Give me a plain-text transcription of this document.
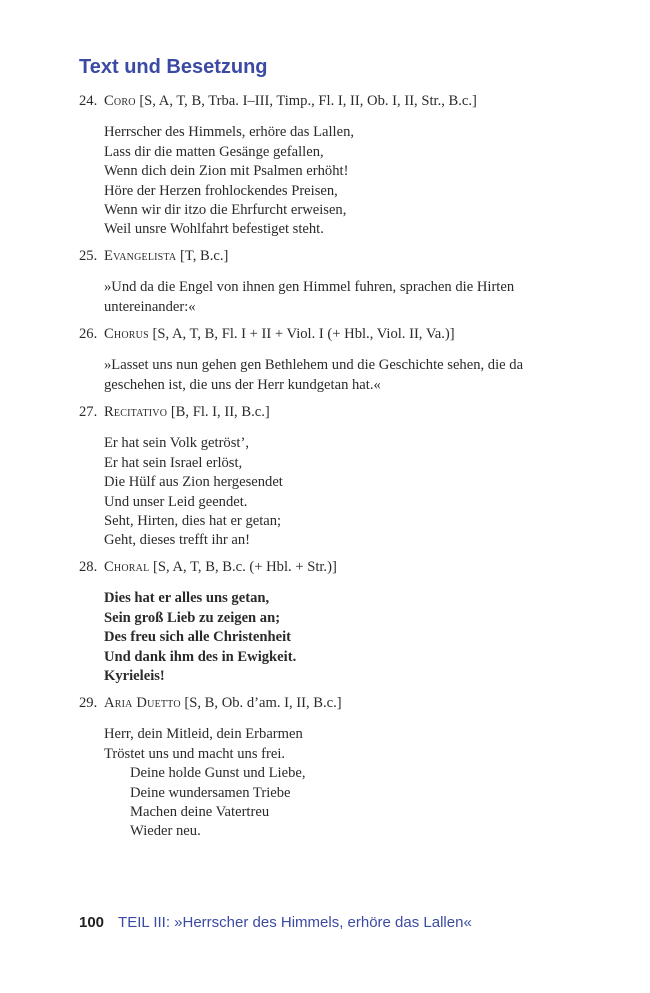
Text und Besetzung
24. Coro [S, A, T, B, Trba. I–III, Timp., Fl. I, II, Ob. I, II, Str., B.c.]
Herrscher des Himmels, erhöre das Lallen,
Lass dir die matten Gesänge gefallen,
Wenn dich dein Zion mit Psalmen erhöht!
Höre der Herzen frohlockendes Preisen,
Wenn wir dir itzo die Ehrfurcht erweisen,
Weil unsre Wohlfahrt befestiget steht.
25. Evangelista [T, B.c.]
»Und da die Engel von ihnen gen Himmel fuhren, sprachen die Hirten untereinander:«
26. Chorus [S, A, T, B, Fl. I + II + Viol. I (+ Hbl., Viol. II, Va.)]
»Lasset uns nun gehen gen Bethlehem und die Geschichte sehen, die da geschehen ist, die uns der Herr kundgetan hat.«
27. Recitativo [B, Fl. I, II, B.c.]
Er hat sein Volk getröst’,
Er hat sein Israel erlöst,
Die Hülf aus Zion hergesendet
Und unser Leid geendet.
Seht, Hirten, dies hat er getan;
Geht, dieses trefft ihr an!
28. Choral [S, A, T, B, B.c. (+ Hbl. + Str.)]
Dies hat er alles uns getan,
Sein groß Lieb zu zeigen an;
Des freu sich alle Christenheit
Und dank ihm des in Ewigkeit.
Kyrieleis!
29. Aria Duetto [S, B, Ob. d’am. I, II, B.c.]
Herr, dein Mitleid, dein Erbarmen
Tröstet uns und macht uns frei.
Deine holde Gunst und Liebe,
Deine wundersamen Triebe
Machen deine Vatertreu
Wieder neu.
100 TEIL III: »Herrscher des Himmels, erhöre das Lallen«
